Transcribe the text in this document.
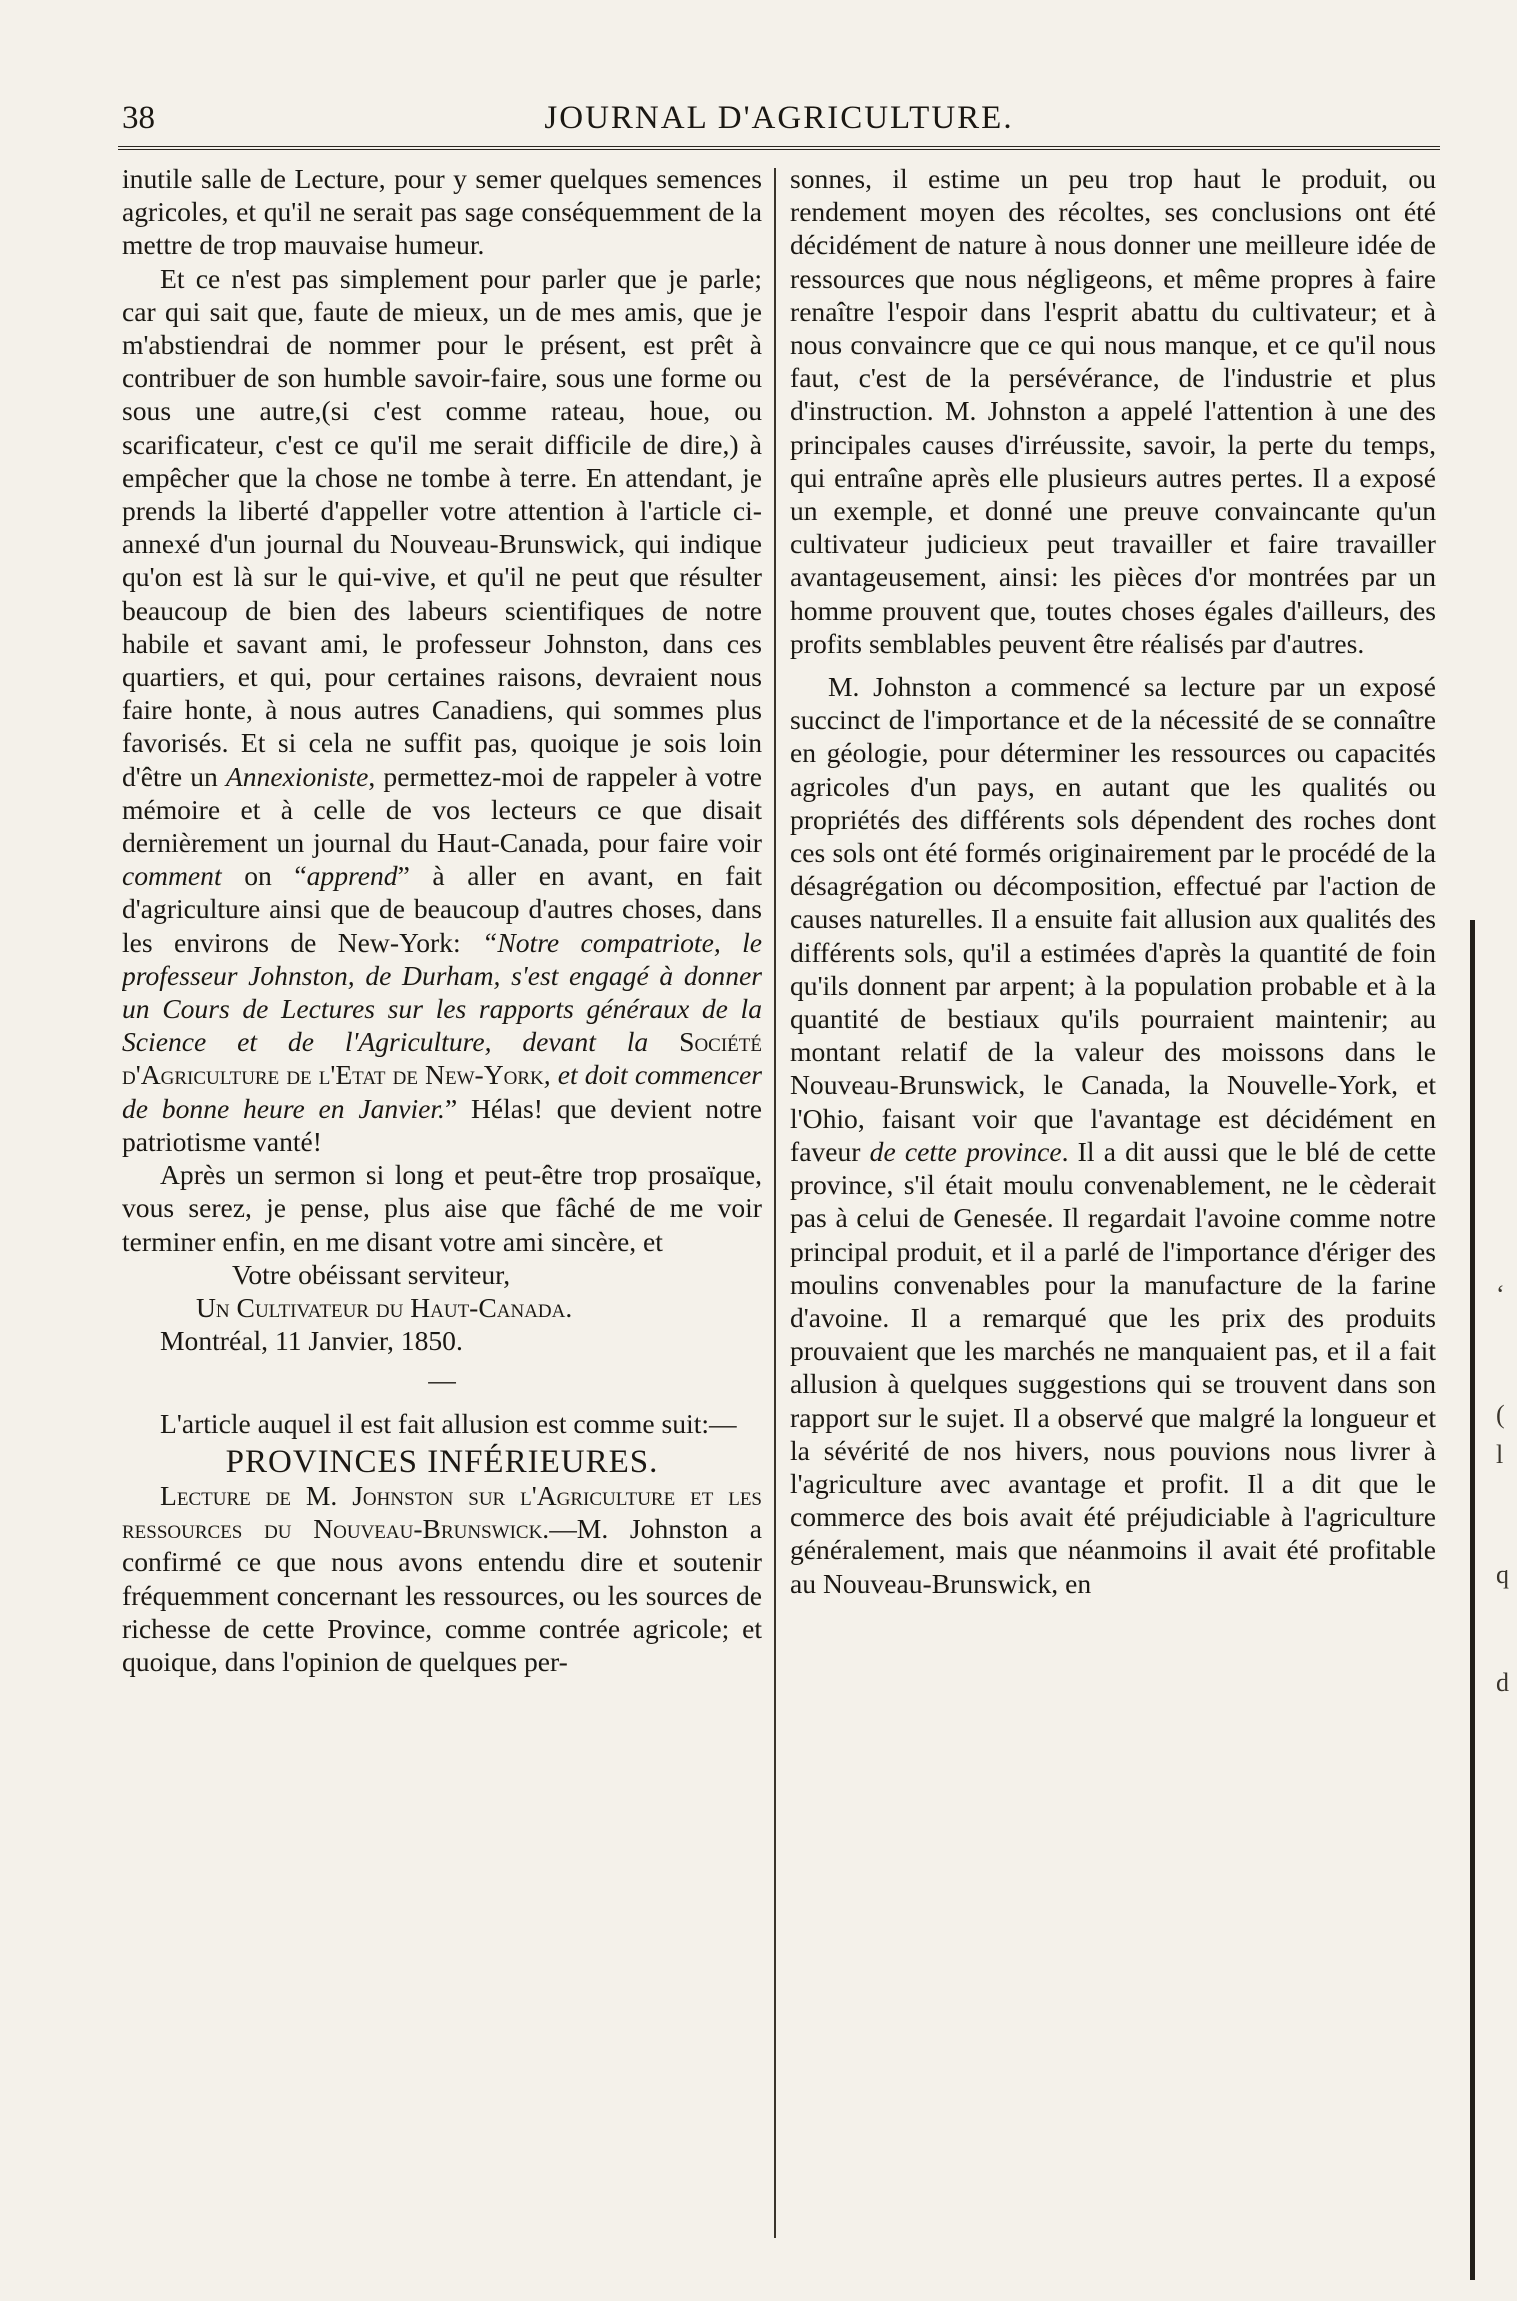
38	JOURNAL D'AGRICULTURE.

inutile salle de Lecture, pour y semer quelques semences agricoles, et qu'il ne serait pas sage conséquemment de la mettre de trop mauvaise humeur.

Et ce n'est pas simplement pour parler que je parle; car qui sait que, faute de mieux, un de mes amis, que je m'abstiendrai de nommer pour le présent, est prêt à contribuer de son humble savoir-faire, sous une forme ou sous une autre,(si c'est comme rateau, houe, ou scarificateur, c'est ce qu'il me serait difficile de dire,) à empêcher que la chose ne tombe à terre. En attendant, je prends la liberté d'appeller votre attention à l'article ci-annexé d'un journal du Nouveau-Brunswick, qui indique qu'on est là sur le qui-vive, et qu'il ne peut que résulter beaucoup de bien des labeurs scientifiques de notre habile et savant ami, le professeur Johnston, dans ces quartiers, et qui, pour certaines raisons, devraient nous faire honte, à nous autres Canadiens, qui sommes plus favorisés. Et si cela ne suffit pas, quoique je sois loin d'être un Annexioniste, permettez-moi de rappeler à votre mémoire et à celle de vos lecteurs ce que disait dernièrement un journal du Haut-Canada, pour faire voir comment on “apprend” à aller en avant, en fait d'agriculture ainsi que de beaucoup d'autres choses, dans les environs de New-York: “Notre compatriote, le professeur Johnston, de Durham, s'est engagé à donner un Cours de Lectures sur les rapports généraux de la Science et de l'Agriculture, devant la Société d'Agriculture de l'Etat de New-York, et doit commencer de bonne heure en Janvier.” Hélas! que devient notre patriotisme vanté!

Après un sermon si long et peut-être trop prosaïque, vous serez, je pense, plus aise que fâché de me voir terminer enfin, en me disant votre ami sincère, et

Votre obéissant serviteur,

Un Cultivateur du Haut-Canada.

Montréal, 11 Janvier, 1850.

—

L'article auquel il est fait allusion est comme suit:—

PROVINCES INFÉRIEURES.

Lecture de M. Johnston sur l'Agriculture et les ressources du Nouveau-Brunswick.—M. Johnston a confirmé ce que nous avons entendu dire et soutenir fréquemment concernant les ressources, ou les sources de richesse de cette Province, comme contrée agricole; et quoique, dans l'opinion de quelques per-

sonnes, il estime un peu trop haut le produit, ou rendement moyen des récoltes, ses conclusions ont été décidément de nature à nous donner une meilleure idée de ressources que nous négligeons, et même propres à faire renaître l'espoir dans l'esprit abattu du cultivateur; et à nous convaincre que ce qui nous manque, et ce qu'il nous faut, c'est de la persévérance, de l'industrie et plus d'instruction. M. Johnston a appelé l'attention à une des principales causes d'irréussite, savoir, la perte du temps, qui entraîne après elle plusieurs autres pertes. Il a exposé un exemple, et donné une preuve convaincante qu'un cultivateur judicieux peut travailler et faire travailler avantageusement, ainsi: les pièces d'or montrées par un homme prouvent que, toutes choses égales d'ailleurs, des profits semblables peuvent être réalisés par d'autres.

M. Johnston a commencé sa lecture par un exposé succinct de l'importance et de la nécessité de se connaître en géologie, pour déterminer les ressources ou capacités agricoles d'un pays, en autant que les qualités ou propriétés des différents sols dépendent des roches dont ces sols ont été formés originairement par le procédé de la désagrégation ou décomposition, effectué par l'action de causes naturelles. Il a ensuite fait allusion aux qualités des différents sols, qu'il a estimées d'après la quantité de foin qu'ils donnent par arpent; à la population probable et à la quantité de bestiaux qu'ils pourraient maintenir; au montant relatif de la valeur des moissons dans le Nouveau-Brunswick, le Canada, la Nouvelle-York, et l'Ohio, faisant voir que l'avantage est décidément en faveur de cette province. Il a dit aussi que le blé de cette province, s'il était moulu convenablement, ne le cèderait pas à celui de Genesée. Il regardait l'avoine comme notre principal produit, et il a parlé de l'importance d'ériger des moulins convenables pour la manufacture de la farine d'avoine. Il a remarqué que les prix des produits prouvaient que les marchés ne manquaient pas, et il a fait allusion à quelques suggestions qui se trouvent dans son rapport sur le sujet. Il a observé que malgré la longueur et la sévérité de nos hivers, nous pouvions nous livrer à l'agriculture avec avantage et profit. Il a dit que le commerce des bois avait été préjudiciable à l'agriculture généralement, mais que néanmoins il avait été profitable au Nouveau-Brunswick, en

‘
(
l
q
d
